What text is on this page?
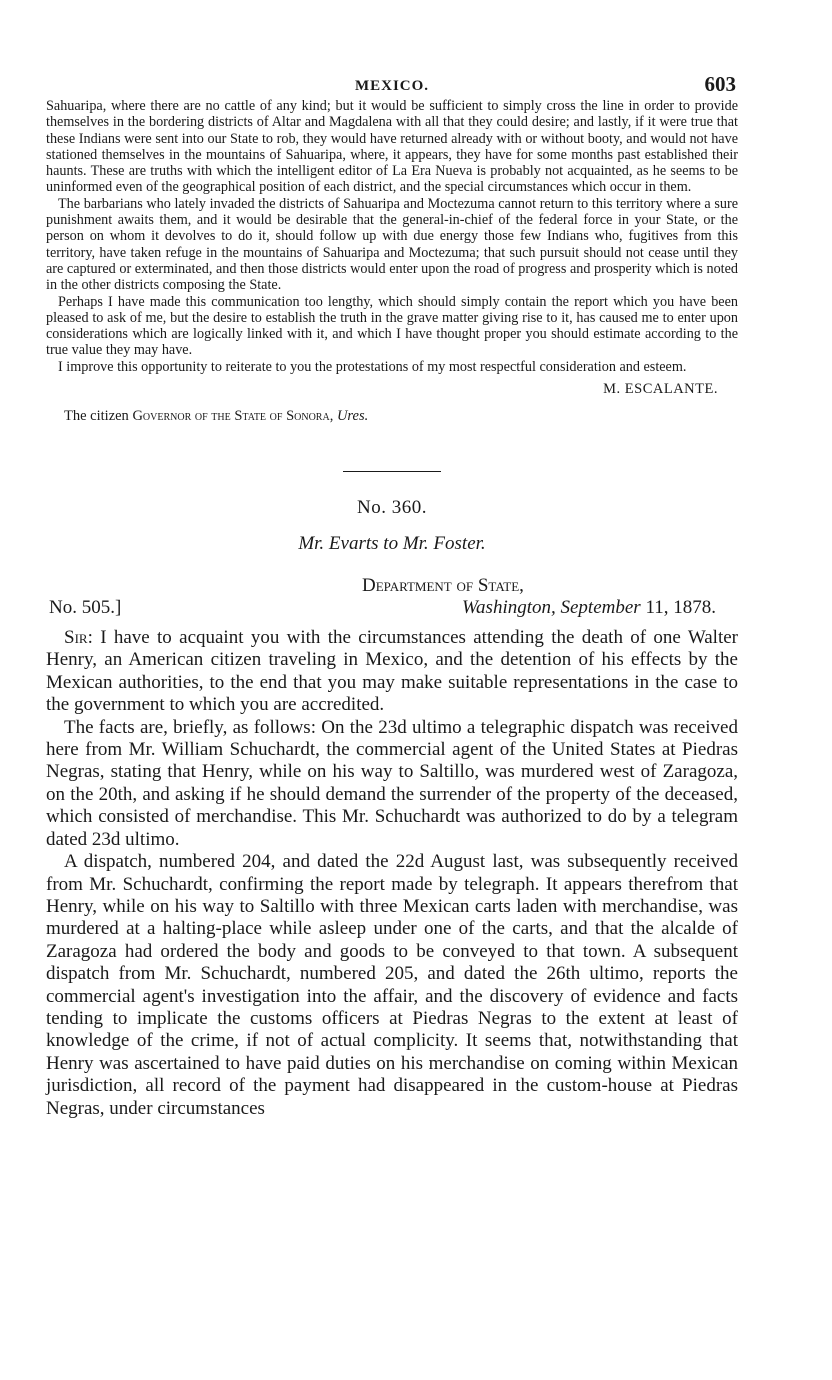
MEXICO.	603

Sahuaripa, where there are no cattle of any kind; but it would be sufficient to simply cross the line in order to provide themselves in the bordering districts of Altar and Magdalena with all that they could desire; and lastly, if it were true that these Indians were sent into our State to rob, they would have returned already with or without booty, and would not have stationed themselves in the mountains of Sahuaripa, where, it appears, they have for some months past established their haunts. These are truths with which the intelligent editor of La Era Nueva is probably not acquainted, as he seems to be uninformed even of the geographical position of each district, and the special circumstances which occur in them.

The barbarians who lately invaded the districts of Sahuaripa and Moctezuma cannot return to this territory where a sure punishment awaits them, and it would be desirable that the general-in-chief of the federal force in your State, or the person on whom it devolves to do it, should follow up with due energy those few Indians who, fugitives from this territory, have taken refuge in the mountains of Sahuaripa and Moctezuma; that such pursuit should not cease until they are captured or exterminated, and then those districts would enter upon the road of progress and prosperity which is noted in the other districts composing the State.

Perhaps I have made this communication too lengthy, which should simply contain the report which you have been pleased to ask of me, but the desire to establish the truth in the grave matter giving rise to it, has caused me to enter upon considerations which are logically linked with it, and which I have thought proper you should estimate according to the true value they may have.

I improve this opportunity to reiterate to you the protestations of my most respectful consideration and esteem.

M. ESCALANTE.
The citizen Governor of the State of Sonora, Ures.
No. 360.
Mr. Evarts to Mr. Foster.
Department of State,
No. 505.]	Washington, September 11, 1878.

Sir: I have to acquaint you with the circumstances attending the death of one Walter Henry, an American citizen traveling in Mexico, and the detention of his effects by the Mexican authorities, to the end that you may make suitable representations in the case to the government to which you are accredited.

The facts are, briefly, as follows: On the 23d ultimo a telegraphic dispatch was received here from Mr. William Schuchardt, the commercial agent of the United States at Piedras Negras, stating that Henry, while on his way to Saltillo, was murdered west of Zaragoza, on the 20th, and asking if he should demand the surrender of the property of the deceased, which consisted of merchandise. This Mr. Schuchardt was authorized to do by a telegram dated 23d ultimo.

A dispatch, numbered 204, and dated the 22d August last, was subsequently received from Mr. Schuchardt, confirming the report made by telegraph. It appears therefrom that Henry, while on his way to Saltillo with three Mexican carts laden with merchandise, was murdered at a halting-place while asleep under one of the carts, and that the alcalde of Zaragoza had ordered the body and goods to be conveyed to that town. A subsequent dispatch from Mr. Schuchardt, numbered 205, and dated the 26th ultimo, reports the commercial agent's investigation into the affair, and the discovery of evidence and facts tending to implicate the customs officers at Piedras Negras to the extent at least of knowledge of the crime, if not of actual complicity. It seems that, notwithstanding that Henry was ascertained to have paid duties on his merchandise on coming within Mexican jurisdiction, all record of the payment had disappeared in the custom-house at Piedras Negras, under circumstances
